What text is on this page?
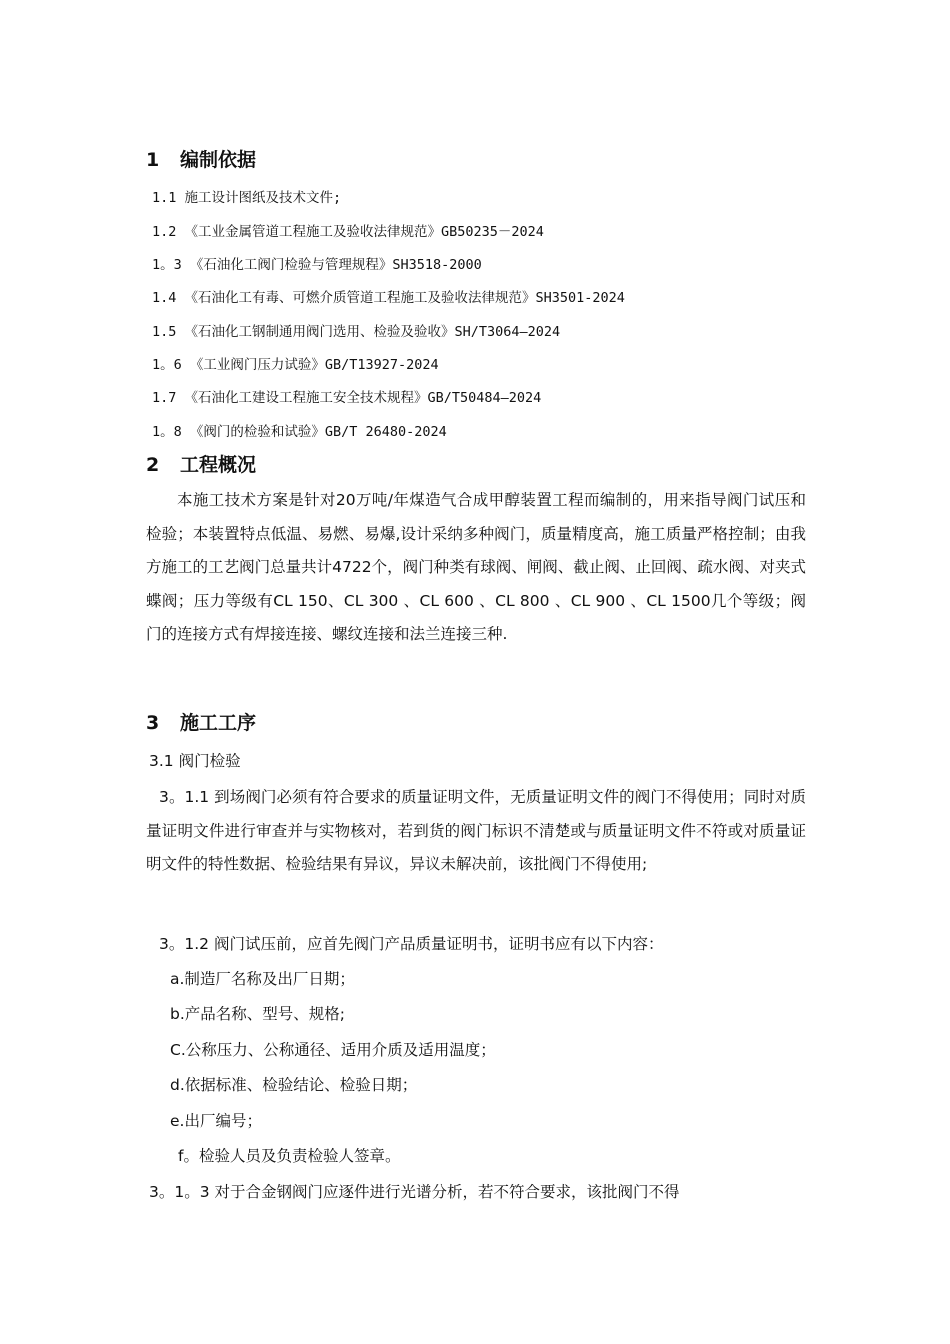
1 编制依据
1.1 施工设计图纸及技术文件;
1.2 《工业金属管道工程施工及验收法律规范》GB50235－2024
1。3 《石油化工阀门检验与管理规程》SH3518-2000
1.4 《石油化工有毒、可燃介质管道工程施工及验收法律规范》SH3501-2024
1.5 《石油化工钢制通用阀门选用、检验及验收》SH/T3064—2024
1。6 《工业阀门压力试验》GB/T13927-2024
1.7 《石油化工建设工程施工安全技术规程》GB/T50484—2024
1。8 《阀门的检验和试验》GB/T 26480-2024
2 工程概况
本施工技术方案是针对20万吨/年煤造气合成甲醇装置工程而编制的，用来指导阀门试压和检验；本装置特点低温、易燃、易爆,设计采纳多种阀门，质量精度高，施工质量严格控制；由我方施工的工艺阀门总量共计4722个，阀门种类有球阀、闸阀、截止阀、止回阀、疏水阀、对夹式蝶阀；压力等级有CL 150、CL 300 、CL 600 、CL 800 、CL 900 、CL 1500几个等级；阀门的连接方式有焊接连接、螺纹连接和法兰连接三种.
3 施工工序
3.1 阀门检验
3。1.1 到场阀门必须有符合要求的质量证明文件，无质量证明文件的阀门不得使用；同时对质量证明文件进行审查并与实物核对，若到货的阀门标识不清楚或与质量证明文件不符或对质量证明文件的特性数据、检验结果有异议，异议未解决前，该批阀门不得使用;
3。1.2 阀门试压前，应首先阀门产品质量证明书，证明书应有以下内容：
a.制造厂名称及出厂日期；
b.产品名称、型号、规格;
C.公称压力、公称通径、适用介质及适用温度；
d.依据标准、检验结论、检验日期；
e.出厂编号；
f。检验人员及负责检验人签章。
3。1。3 对于合金钢阀门应逐件进行光谱分析，若不符合要求，该批阀门不得
